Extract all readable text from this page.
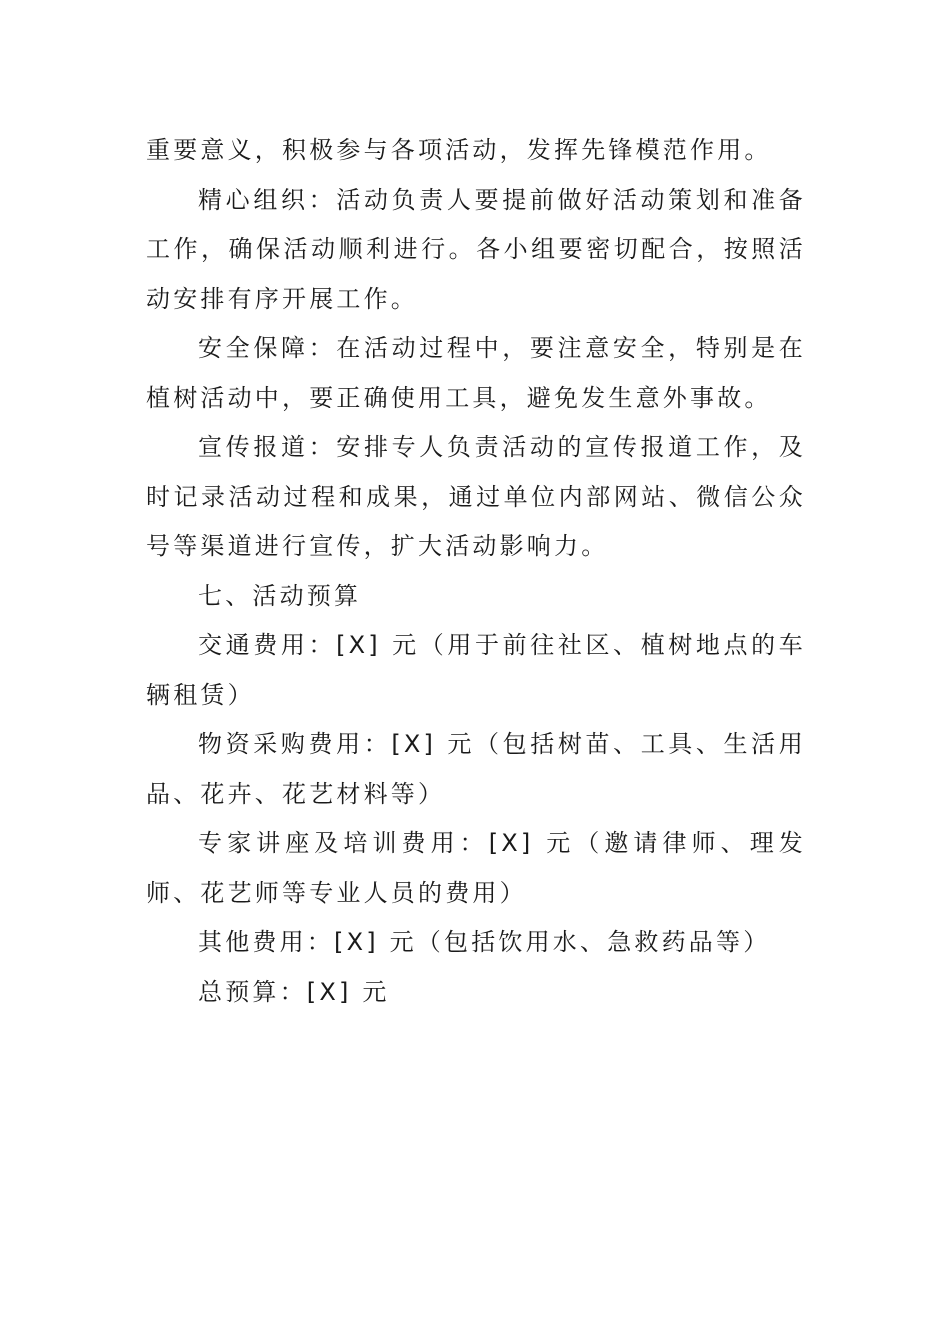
重要意义，积极参与各项活动，发挥先锋模范作用。

精心组织：活动负责人要提前做好活动策划和准备工作，确保活动顺利进行。各小组要密切配合，按照活动安排有序开展工作。

安全保障：在活动过程中，要注意安全，特别是在植树活动中，要正确使用工具，避免发生意外事故。

宣传报道：安排专人负责活动的宣传报道工作，及时记录活动过程和成果，通过单位内部网站、微信公众号等渠道进行宣传，扩大活动影响力。

七、活动预算

交通费用：[X] 元（用于前往社区、植树地点的车辆租赁）

物资采购费用：[X] 元（包括树苗、工具、生活用品、花卉、花艺材料等）

专家讲座及培训费用：[X] 元（邀请律师、理发师、花艺师等专业人员的费用）

其他费用：[X] 元（包括饮用水、急救药品等）

总预算：[X] 元
